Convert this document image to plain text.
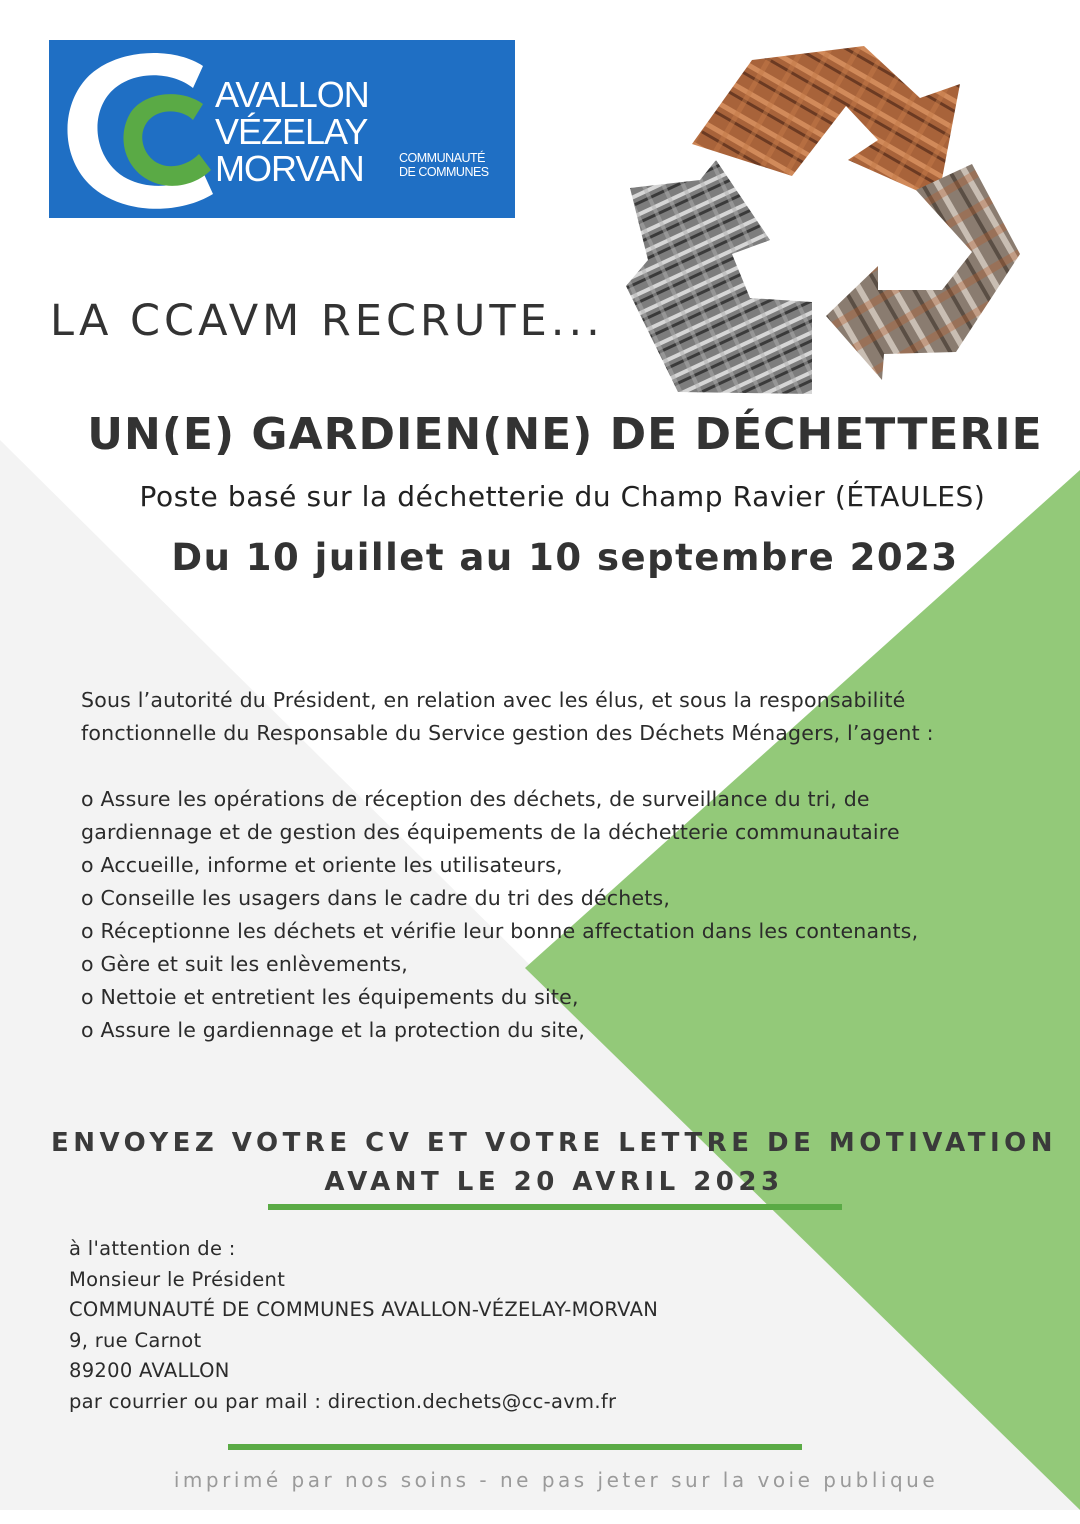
AVALLON
VÉZELAY
MORVAN	COMMUNAUTÉ
DE COMMUNES
LA CCAVM RECRUTE...
UN(E) GARDIEN(NE) DE DÉCHETTERIE
Poste basé sur la déchetterie du Champ Ravier (ÉTAULES)
Du 10 juillet au 10 septembre 2023
Sous l’autorité du Président, en relation avec les élus, et sous la responsabilité
fonctionnelle du Responsable du Service gestion des Déchets Ménagers, l’agent :
o Assure les opérations de réception des déchets, de surveillance du tri, de
gardiennage et de gestion des équipements de la déchetterie communautaire
o Accueille, informe et oriente les utilisateurs,
o Conseille les usagers dans le cadre du tri des déchets,
o Réceptionne les déchets et vérifie leur bonne affectation dans les contenants,
o Gère et suit les enlèvements,
o Nettoie et entretient les équipements du site,
o Assure le gardiennage et la protection du site,
ENVOYEZ VOTRE CV ET VOTRE LETTRE DE MOTIVATION
AVANT LE 20 AVRIL 2023
à l'attention de :
Monsieur le Président
COMMUNAUTÉ DE COMMUNES AVALLON-VÉZELAY-MORVAN
9, rue Carnot
89200 AVALLON
par courrier ou par mail : direction.dechets@cc-avm.fr
imprimé par nos soins - ne pas jeter sur la voie publique
